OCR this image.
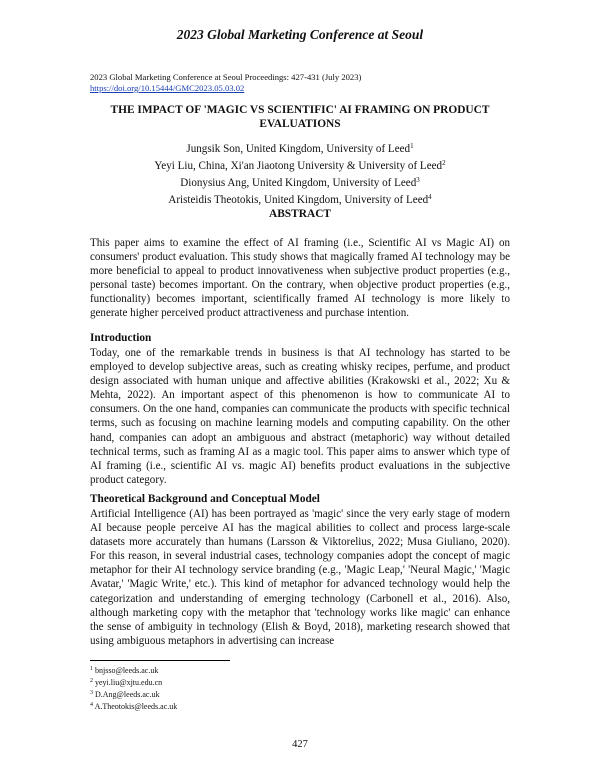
2023 Global Marketing Conference at Seoul
2023 Global Marketing Conference at Seoul Proceedings: 427-431 (July 2023)
https://doi.org/10.15444/GMC2023.05.03.02
THE IMPACT OF 'MAGIC VS SCIENTIFIC' AI FRAMING ON PRODUCT EVALUATIONS
Jungsik Son, United Kingdom, University of Leed$^1$
Yeyi Liu, China, Xi'an Jiaotong University & University of Leed$^2$
Dionysius Ang, United Kingdom, University of Leed$^3$
Aristeidis Theotokis, United Kingdom, University of Leed$^4$
ABSTRACT

This paper aims to examine the effect of AI framing (i.e., Scientific AI vs Magic AI) on consumers' product evaluation. This study shows that magically framed AI technology may be more beneficial to appeal to product innovativeness when subjective product properties (e.g., personal taste) becomes important. On the contrary, when objective product properties (e.g., functionality) becomes important, scientifically framed AI technology is more likely to generate higher perceived product attractiveness and purchase intention.

Introduction

Today, one of the remarkable trends in business is that AI technology has started to be employed to develop subjective areas, such as creating whisky recipes, perfume, and product design associated with human unique and affective abilities (Krakowski et al., 2022; Xu & Mehta, 2022). An important aspect of this phenomenon is how to communicate AI to consumers. On the one hand, companies can communicate the products with specific technical terms, such as focusing on machine learning models and computing capability. On the other hand, companies can adopt an ambiguous and abstract (metaphoric) way without detailed technical terms, such as framing AI as a magic tool. This paper aims to answer which type of AI framing (i.e., scientific AI vs. magic AI) benefits product evaluations in the subjective product category.

Theoretical Background and Conceptual Model

Artificial Intelligence (AI) has been portrayed as 'magic' since the very early stage of modern AI because people perceive AI has the magical abilities to collect and process large-scale datasets more accurately than humans (Larsson & Viktorelius, 2022; Musa Giuliano, 2020). For this reason, in several industrial cases, technology companies adopt the concept of magic metaphor for their AI technology service branding (e.g., 'Magic Leap,' 'Neural Magic,' 'Magic Avatar,' 'Magic Write,' etc.). This kind of metaphor for advanced technology would help the categorization and understanding of emerging technology (Carbonell et al., 2016). Also, although marketing copy with the metaphor that 'technology works like magic' can enhance the sense of ambiguity in technology (Elish & Boyd, 2018), marketing research showed that using ambiguous metaphors in advertising can increase

$^1$ bnjsso@leeds.ac.uk
$^2$ yeyi.liu@xjtu.edu.cn
$^3$ D.Ang@leeds.ac.uk
$^4$ A.Theotokis@leeds.ac.uk
427
